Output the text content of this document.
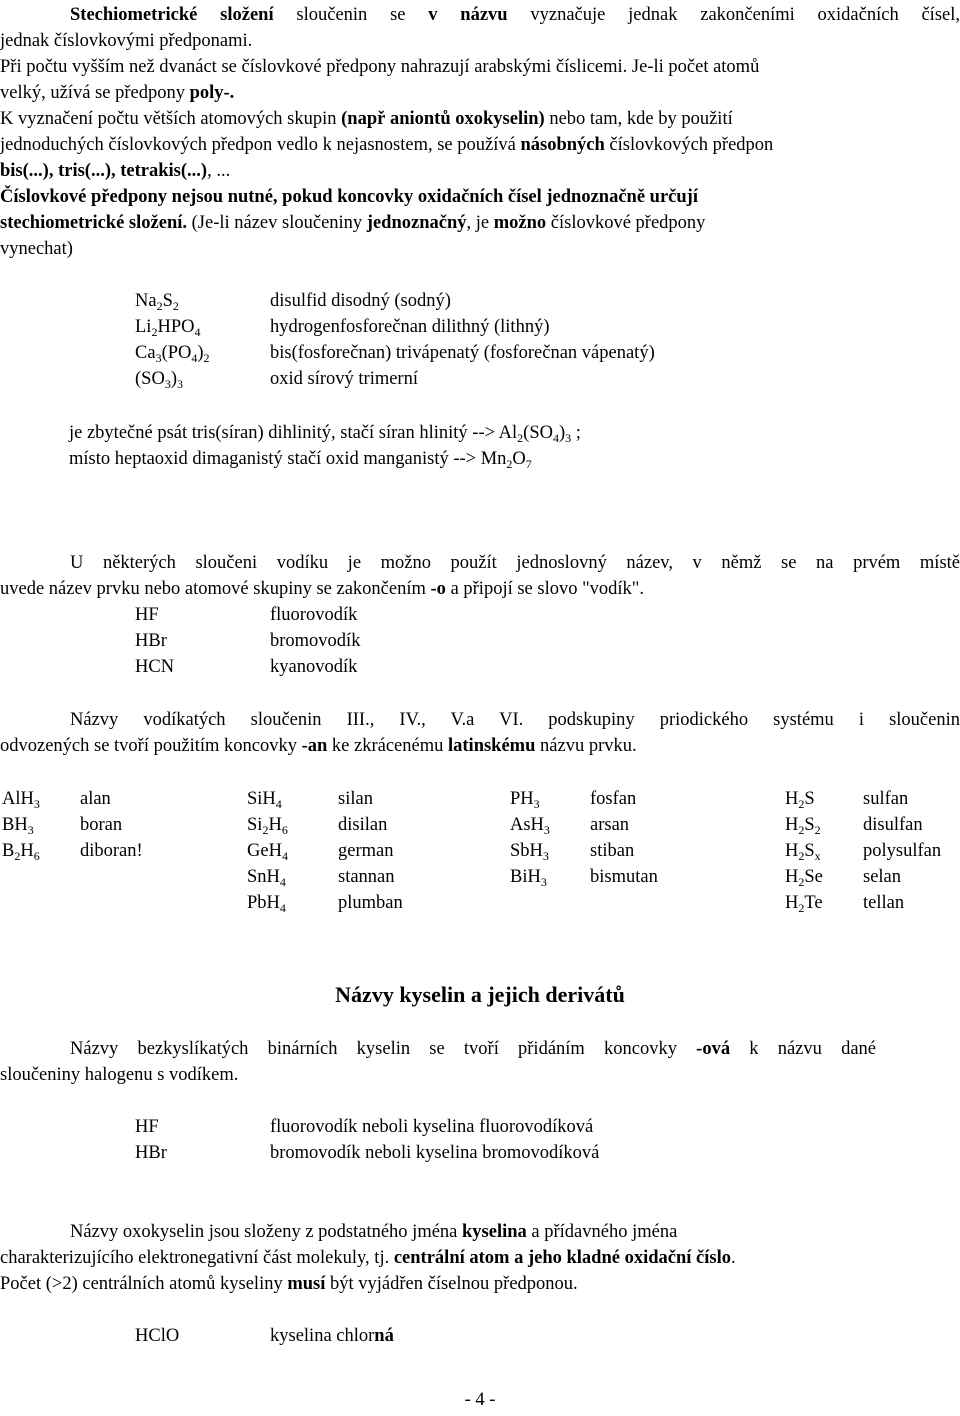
Stechiometrické složení sloučenin se v názvu vyznačuje jednak zakončeními oxidačních čísel,
jednak číslovkovými předponami.
Při počtu vyšším než dvanáct se číslovkové předpony nahrazují arabskými číslicemi. Je-li počet atomů
velký, užívá se předpony poly-.
K vyznačení počtu větších atomových skupin (např aniontů oxokyselin) nebo tam, kde by použití
jednoduchých číslovkových předpon vedlo k nejasnostem, se používá násobných číslovkových předpon
bis(...), tris(...), tetrakis(...), ...
Číslovkové předpony nejsou nutné, pokud koncovky oxidačních čísel jednoznačně určují
stechiometrické složení. (Je-li název sloučeniny jednoznačný, je možno číslovkové předpony
vynechat)
$Na_2S_2$	disulfid disodný (sodný)
$Li_2HPO_4$	hydrogenfosforečnan dilithný (lithný)
$Ca_3(PO_4)_2$	bis(fosforečnan) trivápenatý (fosforečnan vápenatý)
$(SO_3)_3$	oxid sírový trimerní
je zbytečné psát tris(síran) dihlinitý, stačí síran hlinitý --> $Al_2(SO_4)_3$ ;
místo heptaoxid dimaganistý stačí oxid manganistý --> $Mn_2O_7$
U některých sloučeni vodíku je možno použít jednoslovný název, v němž se na prvém místě
uvede název prvku nebo atomové skupiny se zakončením -o a připojí se slovo "vodík".
HF	fluorovodík
HBr	bromovodík
HCN	kyanovodík
Názvy vodíkatých sloučenin III., IV., V.a VI. podskupiny priodického systému i sloučenin
odvozených se tvoří použitím koncovky -an ke zkrácenému latinskému názvu prvku.
AlH$_3$ alan
$BH_3$	boran
$B_2H_6$ diboran!
SiH$_4$	silan
$Si_2H_6$	disilan
GeH$_4$	german
SnH$_4$	stannan
PbH$_4$	plumban
$PH_3$	fosfan
AsH$_3$ arsan
SbH$_3$ stiban
BiH$_3$ bismutan
$H_2S$	sulfan
$H_2S_2$ disulfan
$H_2S_x$ polysulfan
$H_2Se$ selan
$H_2Te$ tellan
Názvy kyselin a jejich derivátů
Názvy bezkyslíkatých binárních kyselin se tvoří přidáním koncovky -ová k názvu dané
sloučeniny halogenu s vodíkem.
HF	fluorovodík neboli kyselina fluorovodíková
HBr	bromovodík neboli kyselina bromovodíková
Názvy oxokyselin jsou složeny z podstatného jména kyselina a přídavného jména
charakterizujícího elektronegativní část molekuly, tj. centrální atom a jeho kladné oxidační číslo.
Počet (>2) centrálních atomů kyseliny musí být vyjádřen číselnou předponou.
HClO	kyselina chlorná
- 4 -
